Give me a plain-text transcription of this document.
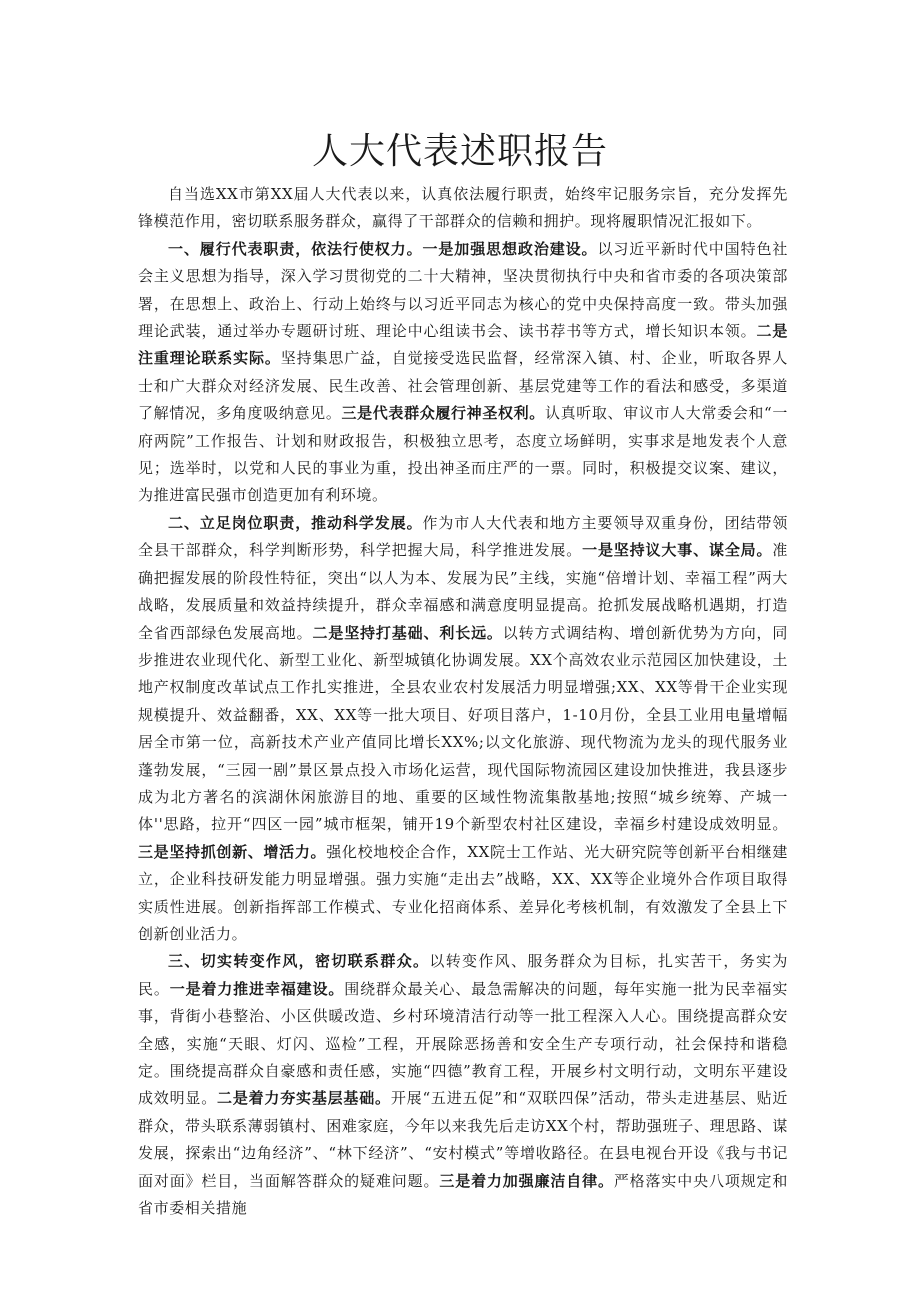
人大代表述职报告

自当选XX市第XX届人大代表以来，认真依法履行职责，始终牢记服务宗旨，充分发挥先锋模范作用，密切联系服务群众，赢得了干部群众的信赖和拥护。现将履职情况汇报如下。

一、履行代表职责，依法行使权力。一是加强思想政治建设。以习近平新时代中国特色社会主义思想为指导，深入学习贯彻党的二十大精神，坚决贯彻执行中央和省市委的各项决策部署，在思想上、政治上、行动上始终与以习近平同志为核心的党中央保持高度一致。带头加强理论武装，通过举办专题研讨班、理论中心组读书会、读书荐书等方式，增长知识本领。二是注重理论联系实际。坚持集思广益，自觉接受选民监督，经常深入镇、村、企业，听取各界人士和广大群众对经济发展、民生改善、社会管理创新、基层党建等工作的看法和感受，多渠道了解情况，多角度吸纳意见。三是代表群众履行神圣权利。认真听取、审议市人大常委会和“一府两院”工作报告、计划和财政报告，积极独立思考，态度立场鲜明，实事求是地发表个人意见；选举时，以党和人民的事业为重，投出神圣而庄严的一票。同时，积极提交议案、建议，为推进富民强市创造更加有利环境。

二、立足岗位职责，推动科学发展。作为市人大代表和地方主要领导双重身份，团结带领全县干部群众，科学判断形势，科学把握大局，科学推进发展。一是坚持议大事、谋全局。准确把握发展的阶段性特征，突出“以人为本、发展为民”主线，实施“倍增计划、幸福工程”两大战略，发展质量和效益持续提升，群众幸福感和满意度明显提高。抢抓发展战略机遇期，打造全省西部绿色发展高地。二是坚持打基础、利长远。以转方式调结构、增创新优势为方向，同步推进农业现代化、新型工业化、新型城镇化协调发展。XX个高效农业示范园区加快建设，土地产权制度改革试点工作扎实推进，全县农业农村发展活力明显增强;XX、XX等骨干企业实现规模提升、效益翻番，XX、XX等一批大项目、好项目落户，1-10月份，全县工业用电量增幅居全市第一位，高新技术产业产值同比增长XX%;以文化旅游、现代物流为龙头的现代服务业蓬勃发展，“三园一剧”景区景点投入市场化运营，现代国际物流园区建设加快推进，我县逐步成为北方著名的滨湖休闲旅游目的地、重要的区域性物流集散基地;按照“城乡统筹、产城一体''思路，拉开“四区一园”城市框架，铺开19个新型农村社区建设，幸福乡村建设成效明显。三是坚持抓创新、增活力。强化校地校企合作，XX院士工作站、光大研究院等创新平台相继建立，企业科技研发能力明显增强。强力实施“走出去”战略，XX、XX等企业境外合作项目取得实质性进展。创新指挥部工作模式、专业化招商体系、差异化考核机制，有效激发了全县上下创新创业活力。

三、切实转变作风，密切联系群众。以转变作风、服务群众为目标，扎实苦干，务实为民。一是着力推进幸福建设。围绕群众最关心、最急需解决的问题，每年实施一批为民幸福实事，背街小巷整治、小区供暖改造、乡村环境清洁行动等一批工程深入人心。围绕提高群众安全感，实施“天眼、灯闪、巡检”工程，开展除恶扬善和安全生产专项行动，社会保持和谐稳定。围绕提高群众自豪感和责任感，实施“四德”教育工程，开展乡村文明行动，文明东平建设成效明显。二是着力夯实基层基础。开展“五进五促”和“双联四保”活动，带头走进基层、贴近群众，带头联系薄弱镇村、困难家庭，今年以来我先后走访XX个村，帮助强班子、理思路、谋发展，探索出“边角经济”、“林下经济”、“安村模式”等增收路径。在县电视台开设《我与书记面对面》栏目，当面解答群众的疑难问题。三是着力加强廉洁自律。严格落实中央八项规定和省市委相关措施
